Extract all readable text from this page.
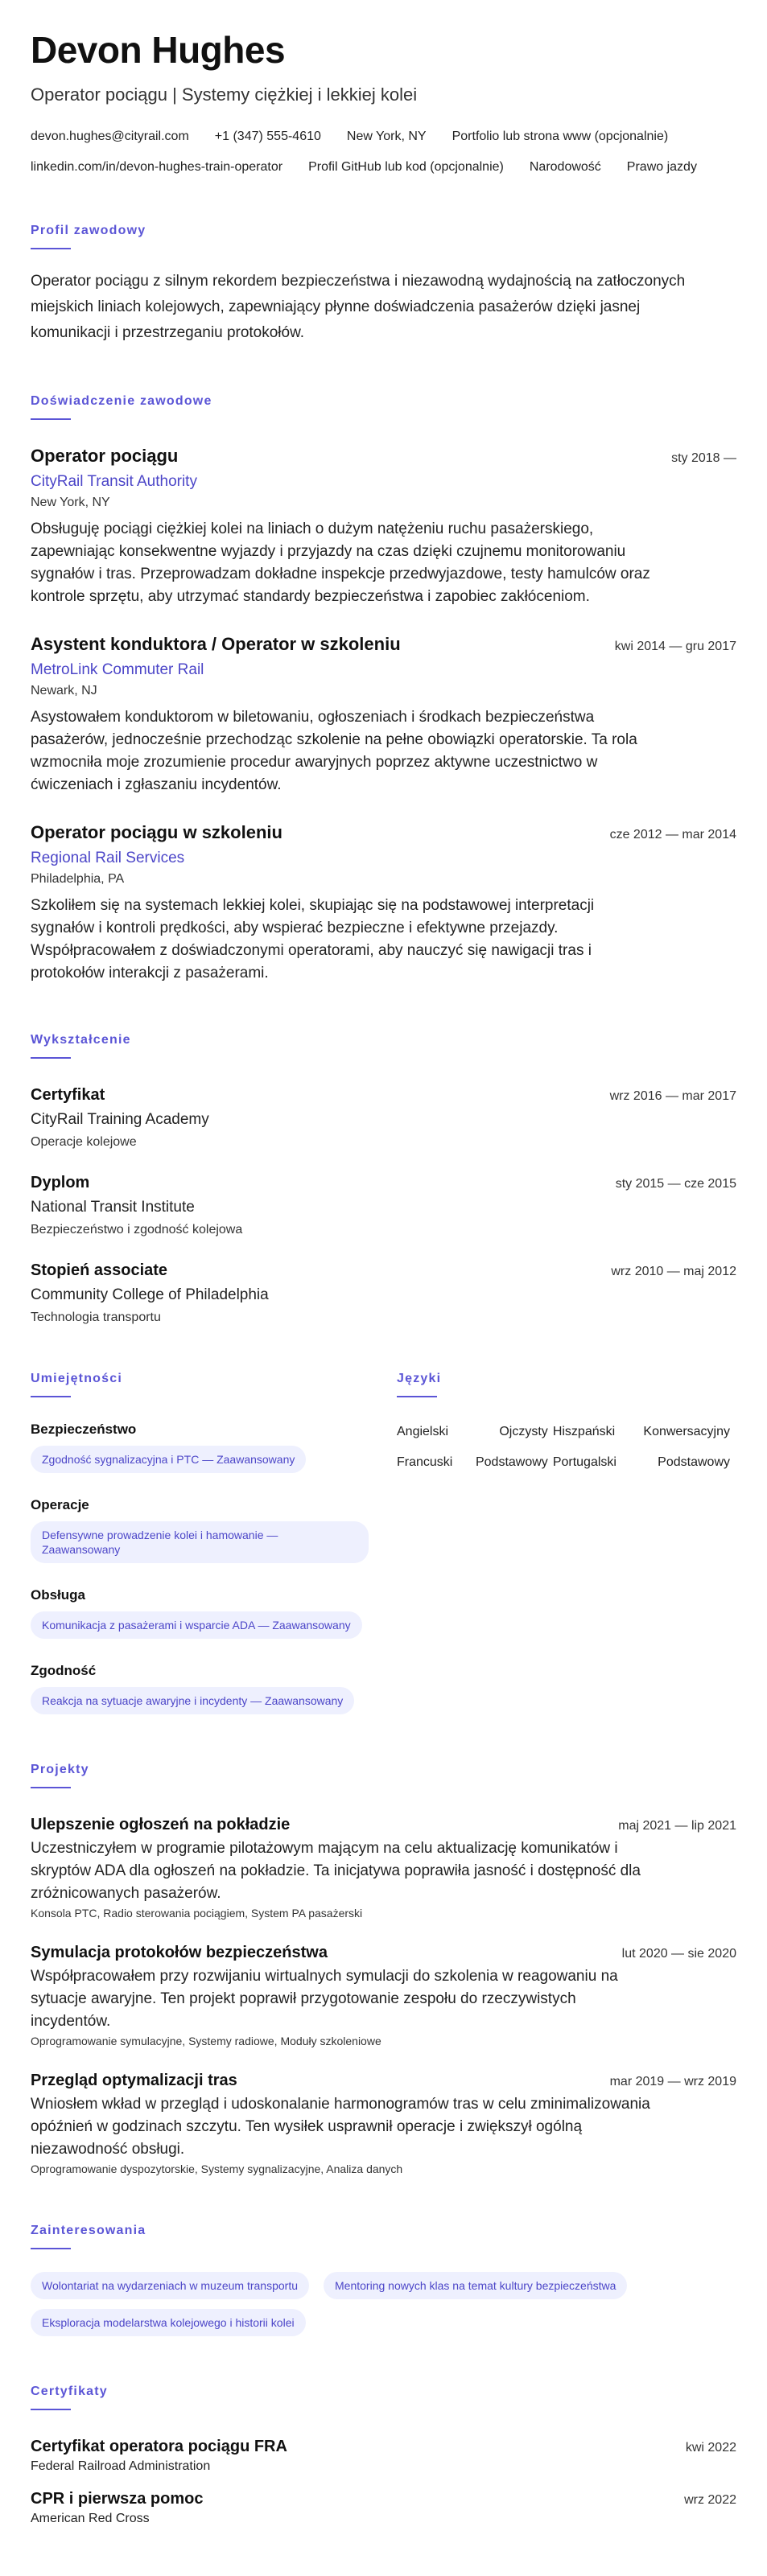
Devon Hughes
Operator pociągu | Systemy ciężkiej i lekkiej kolei
devon.hughes@cityrail.com +1 (347) 555-4610 New York, NY Portfolio lub strona www (opcjonalnie)
linkedin.com/in/devon-hughes-train-operator Profil GitHub lub kod (opcjonalnie) Narodowość Prawo jazdy
Profil zawodowy
Operator pociągu z silnym rekordem bezpieczeństwa i niezawodną wydajnością na zatłoczonych miejskich liniach kolejowych, zapewniający płynne doświadczenia pasażerów dzięki jasnej komunikacji i przestrzeganiu protokołów.
Doświadczenie zawodowe
Operator pociągu	sty 2018 —
CityRail Transit Authority
New York, NY
Obsługuję pociągi ciężkiej kolei na liniach o dużym natężeniu ruchu pasażerskiego, zapewniając konsekwentne wyjazdy i przyjazdy na czas dzięki czujnemu monitorowaniu sygnałów i tras. Przeprowadzam dokładne inspekcje przedwyjazdowe, testy hamulców oraz kontrole sprzętu, aby utrzymać standardy bezpieczeństwa i zapobiec zakłóceniom.
Asystent konduktora / Operator w szkoleniu	kwi 2014 — gru 2017
MetroLink Commuter Rail
Newark, NJ
Asystowałem konduktorom w biletowaniu, ogłoszeniach i środkach bezpieczeństwa pasażerów, jednocześnie przechodząc szkolenie na pełne obowiązki operatorskie. Ta rola wzmocniła moje zrozumienie procedur awaryjnych poprzez aktywne uczestnictwo w ćwiczeniach i zgłaszaniu incydentów.
Operator pociągu w szkoleniu	cze 2012 — mar 2014
Regional Rail Services
Philadelphia, PA
Szkoliłem się na systemach lekkiej kolei, skupiając się na podstawowej interpretacji sygnałów i kontroli prędkości, aby wspierać bezpieczne i efektywne przejazdy. Współpracowałem z doświadczonymi operatorami, aby nauczyć się nawigacji tras i protokołów interakcji z pasażerami.
Wykształcenie
Certyfikat	wrz 2016 — mar 2017
CityRail Training Academy
Operacje kolejowe
Dyplom	sty 2015 — cze 2015
National Transit Institute
Bezpieczeństwo i zgodność kolejowa
Stopień associate	wrz 2010 — maj 2012
Community College of Philadelphia
Technologia transportu
Umiejętności
Bezpieczeństwo
Zgodność sygnalizacyjna i PTC — Zaawansowany
Operacje
Defensywne prowadzenie kolei i hamowanie — Zaawansowany
Obsługa
Komunikacja z pasażerami i wsparcie ADA — Zaawansowany
Zgodność
Reakcja na sytuacje awaryjne i incydenty — Zaawansowany
Języki
Angielski	Ojczysty	Hiszpański	Konwersacyjny
Francuski	Podstawowy	Portugalski	Podstawowy
Projekty
Ulepszenie ogłoszeń na pokładzie	maj 2021 — lip 2021
Uczestniczyłem w programie pilotażowym mającym na celu aktualizację komunikatów i skryptów ADA dla ogłoszeń na pokładzie. Ta inicjatywa poprawiła jasność i dostępność dla zróżnicowanych pasażerów.
Konsola PTC, Radio sterowania pociągiem, System PA pasażerski
Symulacja protokołów bezpieczeństwa	lut 2020 — sie 2020
Współpracowałem przy rozwijaniu wirtualnych symulacji do szkolenia w reagowaniu na sytuacje awaryjne. Ten projekt poprawił przygotowanie zespołu do rzeczywistych incydentów.
Oprogramowanie symulacyjne, Systemy radiowe, Moduły szkoleniowe
Przegląd optymalizacji tras	mar 2019 — wrz 2019
Wniosłem wkład w przegląd i udoskonalanie harmonogramów tras w celu zminimalizowania opóźnień w godzinach szczytu. Ten wysiłek usprawnił operacje i zwiększył ogólną niezawodność obsługi.
Oprogramowanie dyspozytorskie, Systemy sygnalizacyjne, Analiza danych
Zainteresowania
Wolontariat na wydarzeniach w muzeum transportu	Mentoring nowych klas na temat kultury bezpieczeństwa
Eksploracja modelarstwa kolejowego i historii kolei
Certyfikaty
Certyfikat operatora pociągu FRA	kwi 2022
Federal Railroad Administration
CPR i pierwsza pomoc	wrz 2022
American Red Cross
